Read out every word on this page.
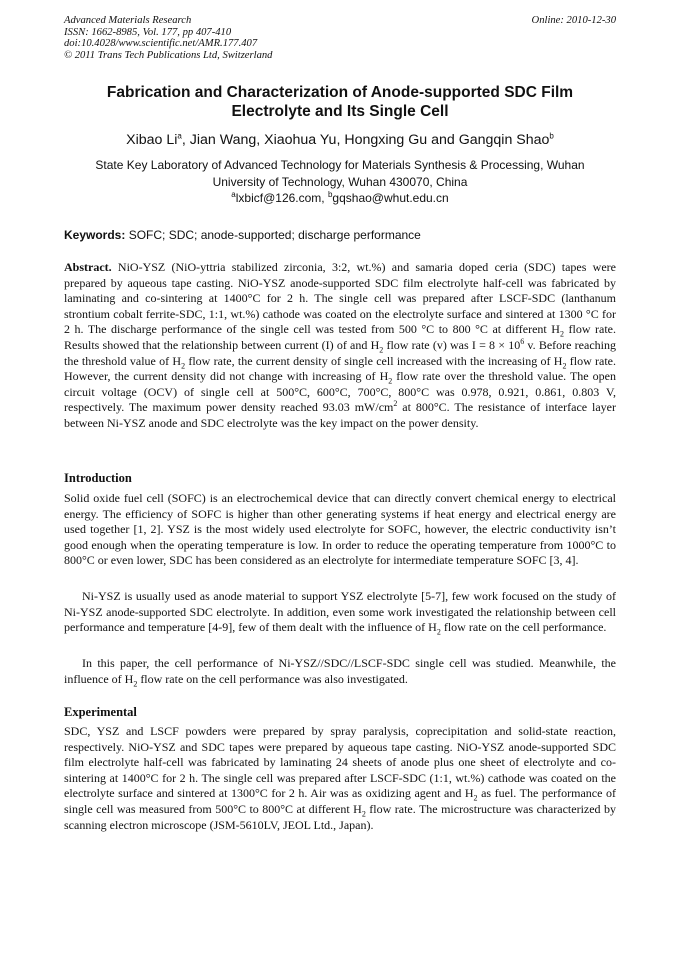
Advanced Materials Research
ISSN: 1662-8985, Vol. 177, pp 407-410
doi:10.4028/www.scientific.net/AMR.177.407
© 2011 Trans Tech Publications Ltd, Switzerland
Online: 2010-12-30
Fabrication and Characterization of Anode-supported SDC Film
Electrolyte and Its Single Cell
Xibao Li$^a$, Jian Wang, Xiaohua Yu, Hongxing Gu and Gangqin Shao$^b$
State Key Laboratory of Advanced Technology for Materials Synthesis & Processing, Wuhan
University of Technology, Wuhan 430070, China
$^a$lxbicf@126.com, $^b$gqshao@whut.edu.cn
Keywords: SOFC; SDC; anode-supported; discharge performance
Abstract. NiO-YSZ (NiO-yttria stabilized zirconia, 3:2, wt.%) and samaria doped ceria (SDC) tapes were prepared by aqueous tape casting. NiO-YSZ anode-supported SDC film electrolyte half-cell was fabricated by laminating and co-sintering at 1400°C for 2 h. The single cell was prepared after LSCF-SDC (lanthanum strontium cobalt ferrite-SDC, 1:1, wt.%) cathode was coated on the electrolyte surface and sintered at 1300 °C for 2 h. The discharge performance of the single cell was tested from 500 °C to 800 °C at different $H_2$ flow rate. Results showed that the relationship between current (I) of and $H_2$ flow rate (v) was $I = 8 \times 10^6$ v. Before reaching the threshold value of $H_2$ flow rate, the current density of single cell increased with the increasing of $H_2$ flow rate. However, the current density did not change with increasing of $H_2$ flow rate over the threshold value. The open circuit voltage (OCV) of single cell at 500°C, 600°C, 700°C, 800°C was 0.978, 0.921, 0.861, 0.803 V, respectively. The maximum power density reached 93.03 $mW/cm^2$ at 800°C. The resistance of interface layer between Ni-YSZ anode and SDC electrolyte was the key impact on the power density.
Introduction
Solid oxide fuel cell (SOFC) is an electrochemical device that can directly convert chemical energy to electrical energy. The efficiency of SOFC is higher than other generating systems if heat energy and electrical energy are used together [1, 2]. YSZ is the most widely used electrolyte for SOFC, however, the electric conductivity isn’t good enough when the operating temperature is low. In order to reduce the operating temperature from 1000°C to 800°C or even lower, SDC has been considered as an electrolyte for intermediate temperature SOFC [3, 4].
Ni-YSZ is usually used as anode material to support YSZ electrolyte [5-7], few work focused on the study of Ni-YSZ anode-supported SDC electrolyte. In addition, even some work investigated the relationship between cell performance and temperature [4-9], few of them dealt with the influence of $H_2$ flow rate on the cell performance.
In this paper, the cell performance of Ni-YSZ//SDC//LSCF-SDC single cell was studied. Meanwhile, the influence of $H_2$ flow rate on the cell performance was also investigated.
Experimental
SDC, YSZ and LSCF powders were prepared by spray paralysis, coprecipitation and solid-state reaction, respectively. NiO-YSZ and SDC tapes were prepared by aqueous tape casting. NiO-YSZ anode-supported SDC film electrolyte half-cell was fabricated by laminating 24 sheets of anode plus one sheet of electrolyte and co-sintering at 1400°C for 2 h. The single cell was prepared after LSCF-SDC (1:1, wt.%) cathode was coated on the electrolyte surface and sintered at 1300°C for 2 h. Air was as oxidizing agent and $H_2$ as fuel. The performance of single cell was measured from 500°C to 800°C at different $H_2$ flow rate. The microstructure was characterized by scanning electron microscope (JSM-5610LV, JEOL Ltd., Japan).
